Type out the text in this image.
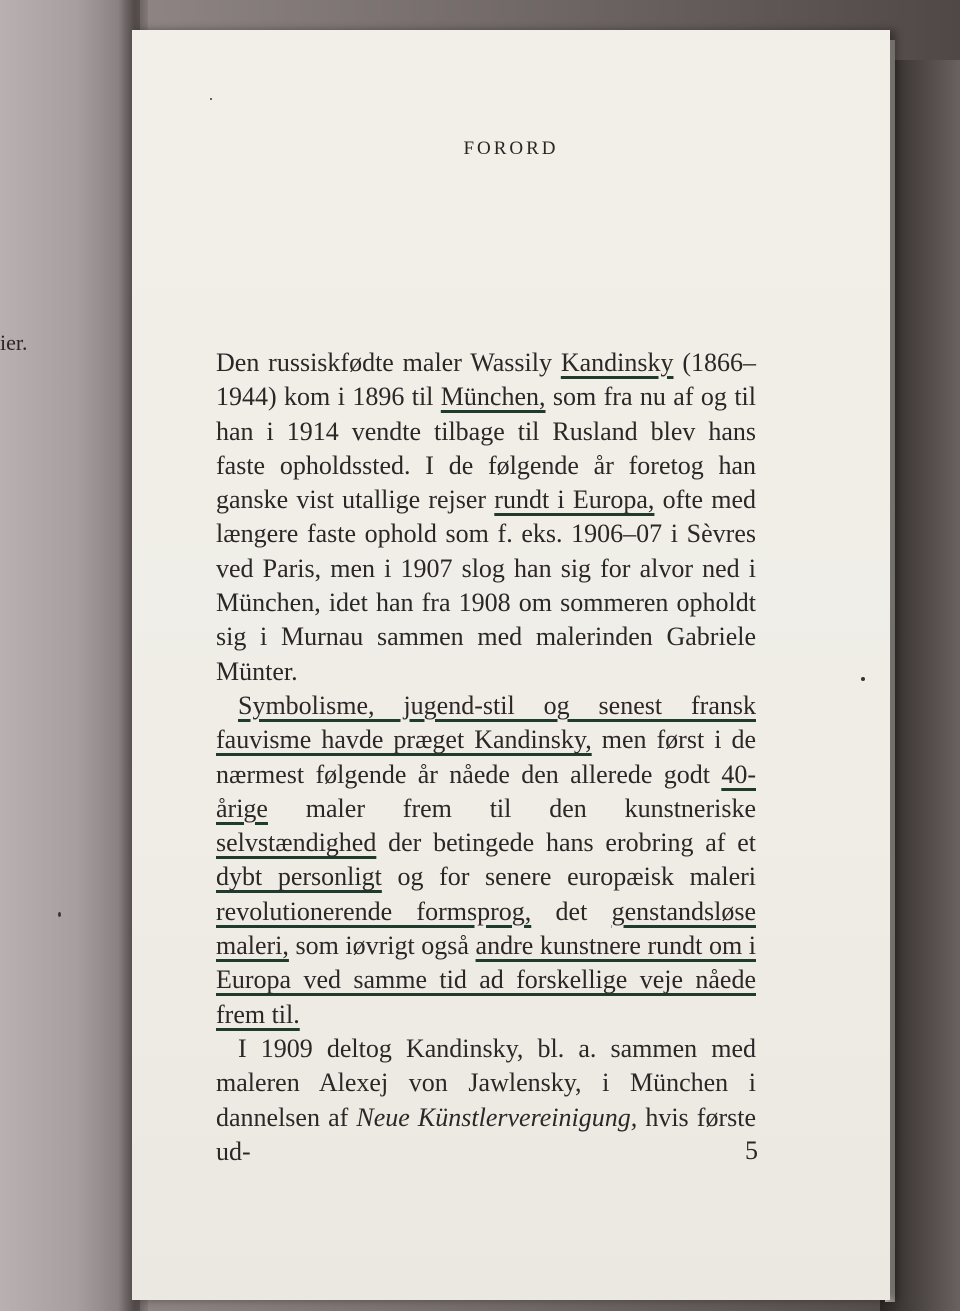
ier.
FORORD

Den russiskfødte maler Wassily Kandinsky (1866–1944) kom i 1896 til München, som fra nu af og til han i 1914 vendte tilbage til Rusland blev hans faste opholdssted. I de følgende år foretog han ganske vist utallige rejser rundt i Europa, ofte med længere faste ophold som f. eks. 1906–07 i Sèvres ved Paris, men i 1907 slog han sig for alvor ned i München, idet han fra 1908 om sommeren opholdt sig i Murnau sammen med malerinden Gabriele Münter.

Symbolisme, jugend-stil og senest fransk fauvisme havde præget Kandinsky, men først i de nærmest følgende år nåede den allerede godt 40-årige maler frem til den kunstneriske selvstændighed der betingede hans erobring af et dybt personligt og for senere europæisk maleri revolutionerende formsprog, det genstandsløse maleri, som iøvrigt også andre kunstnere rundt om i Europa ved samme tid ad forskellige veje nåede frem til.

I 1909 deltog Kandinsky, bl. a. sammen med maleren Alexej von Jawlensky, i München i dannelsen af Neue Künstlervereinigung, hvis første ud-	5
